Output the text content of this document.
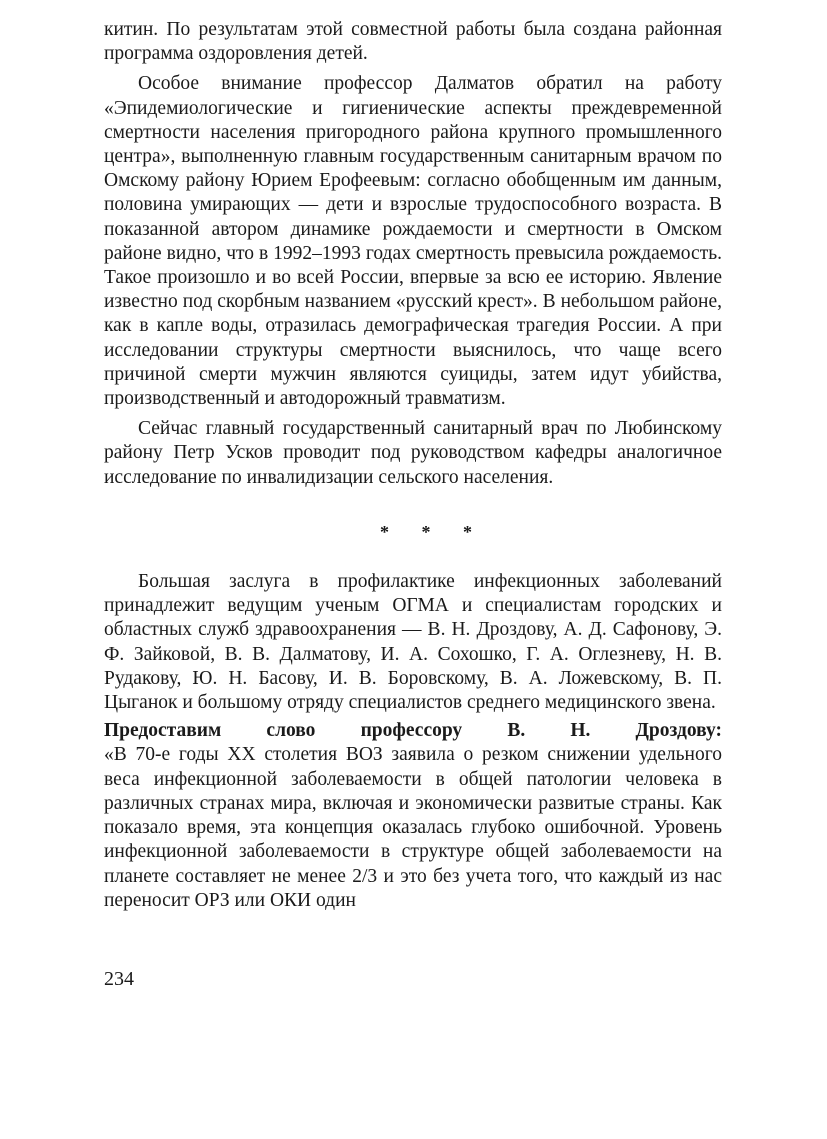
китин. По результатам этой совместной работы была создана районная программа оздоровления детей.

Особое внимание профессор Далматов обратил на работу «Эпидемиологические и гигиенические аспекты преждевременной смертности населения пригородного района крупного промышленного центра», выполненную главным государственным санитарным врачом по Омскому району Юрием Ерофеевым: согласно обобщенным им данным, половина умирающих — дети и взрослые трудоспособного возраста. В показанной автором динамике рождаемости и смертности в Омском районе видно, что в 1992–1993 годах смертность превысила рождаемость. Такое произошло и во всей России, впервые за всю ее историю. Явление известно под скорбным названием «русский крест». В небольшом районе, как в капле воды, отразилась демографическая трагедия России. А при исследовании структуры смертности выяснилось, что чаще всего причиной смерти мужчин являются суициды, затем идут убийства, производственный и автодорожный травматизм.

Сейчас главный государственный санитарный врач по Любинскому району Петр Усков проводит под руководством кафедры аналогичное исследование по инвалидизации сельского населения.

* * *

Большая заслуга в профилактике инфекционных заболеваний принадлежит ведущим ученым ОГМА и специалистам городских и областных служб здравоохранения — В. Н. Дроздову, А. Д. Сафонову, Э. Ф. Зайковой, В. В. Далматову, И. А. Сохошко, Г. А. Оглезневу, Н. В. Рудакову, Ю. Н. Басову, И. В. Боровскому, В. А. Ложевскому, В. П. Цыганок и большому отряду специалистов среднего медицинского звена.

Предоставим слово профессору В. Н. Дроздову:
«В 70-е годы XX столетия ВОЗ заявила о резком снижении удельного веса инфекционной заболеваемости в общей патологии человека в различных странах мира, включая и экономически развитые страны. Как показало время, эта концепция оказалась глубоко ошибочной. Уровень инфекционной заболеваемости в структуре общей заболеваемости на планете составляет не менее 2/3 и это без учета того, что каждый из нас переносит ОРЗ или ОКИ один
234
